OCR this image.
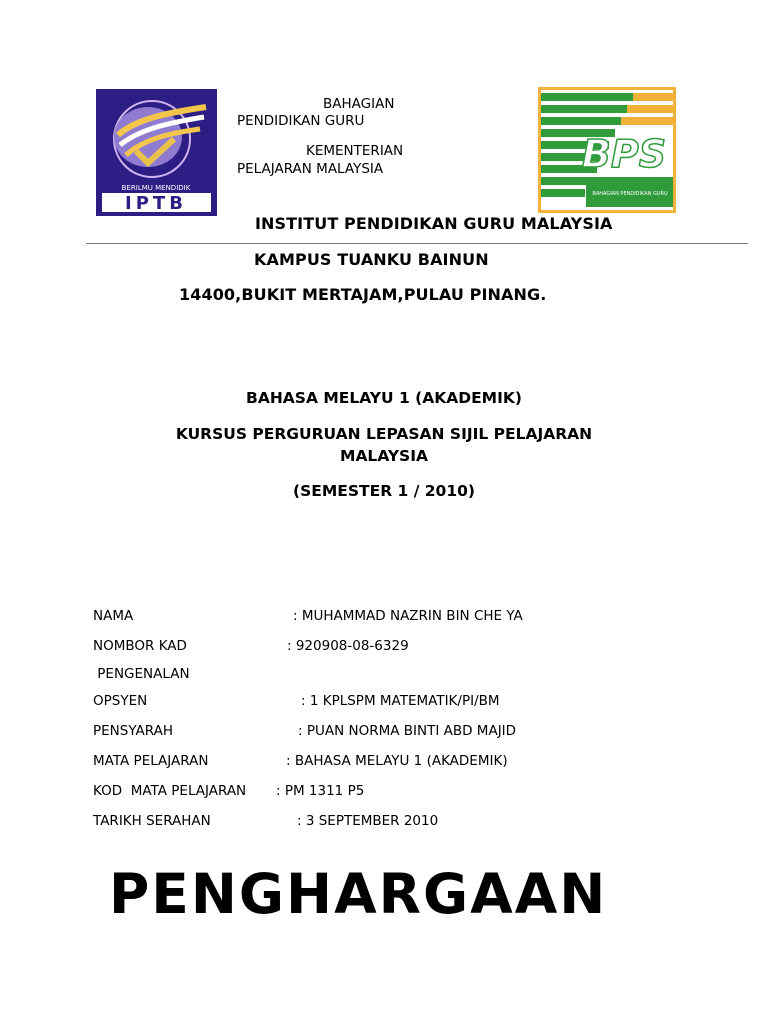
BERILMU MENDIDIK
IPTB
BAHAGIAN
PENDIDIKAN GURU
KEMENTERIAN
PELAJARAN MALAYSIA	BPS
BAHAGIAN PENDIDIKAN GURU
INSTITUT PENDIDIKAN GURU MALAYSIA
KAMPUS TUANKU BAINUN
14400,BUKIT MERTAJAM,PULAU PINANG.
BAHASA MELAYU 1 (AKADEMIK)
KURSUS PERGURUAN LEPASAN SIJIL PELAJARAN
MALAYSIA
(SEMESTER 1 / 2010)
NAMA	: MUHAMMAD NAZRIN BIN CHE YA
NOMBOR KAD	: 920908-08-6329
PENGENALAN
OPSYEN	: 1 KPLSPM MATEMATIK/PI/BM
PENSYARAH	: PUAN NORMA BINTI ABD MAJID
MATA PELAJARAN	: BAHASA MELAYU 1 (AKADEMIK)
KOD  MATA PELAJARAN : PM 1311 P5
TARIKH SERAHAN	: 3 SEPTEMBER 2010
PENGHARGAAN
